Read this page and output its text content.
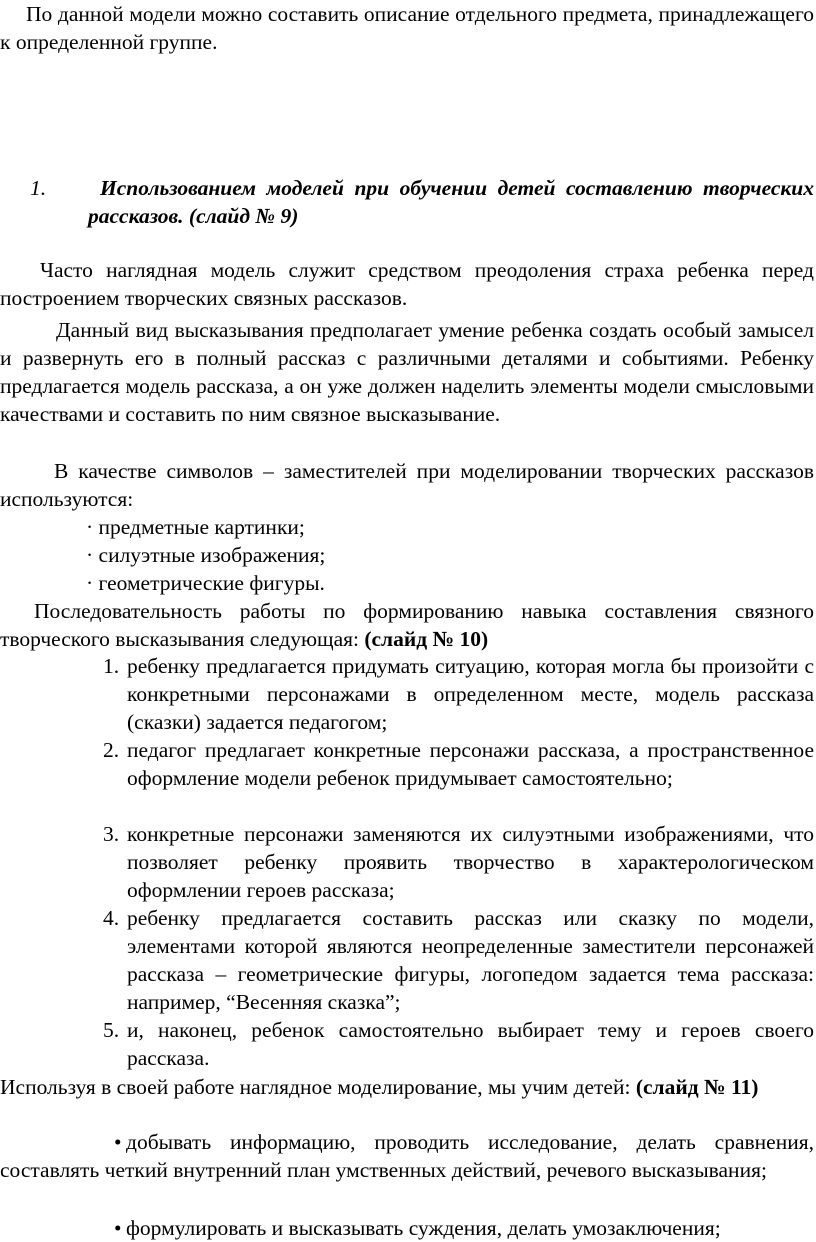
По данной модели можно составить описание отдельного предмета, принадлежащего к определенной группе.
1.	Использованием моделей при обучении детей составлению творческих рассказов. (слайд № 9)
Часто наглядная модель служит средством преодоления страха ребенка перед построением творческих связных рассказов.
Данный вид высказывания предполагает умение ребенка создать особый замысел и развернуть его в полный рассказ с различными деталями и событиями. Ребенку предлагается модель рассказа, а он уже должен наделить элементы модели смысловыми качествами и составить по ним связное высказывание.
В качестве символов – заместителей при моделировании творческих рассказов используются:
· предметные картинки;
· силуэтные изображения;
· геометрические фигуры.
Последовательность работы по формированию навыка составления связного творческого высказывания следующая: (слайд № 10)
1. ребенку предлагается придумать ситуацию, которая могла бы произойти с конкретными персонажами в определенном месте, модель рассказа (сказки) задается педагогом;
2. педагог предлагает конкретные персонажи рассказа, а пространственное оформление модели ребенок придумывает самостоятельно;
3. конкретные персонажи заменяются их силуэтными изображениями, что позволяет ребенку проявить творчество в характерологическом оформлении героев рассказа;
4. ребенку предлагается составить рассказ или сказку по модели, элементами которой являются неопределенные заместители персонажей рассказа – геометрические фигуры, логопедом задается тема рассказа: например, “Весенняя сказка”;
5. и, наконец, ребенок самостоятельно выбирает тему и героев своего рассказа.
Используя в своей работе наглядное моделирование, мы учим детей: (слайд № 11)
• добывать информацию, проводить исследование, делать сравнения, составлять четкий внутренний план умственных действий, речевого высказывания;
• формулировать и высказывать суждения, делать умозаключения;
